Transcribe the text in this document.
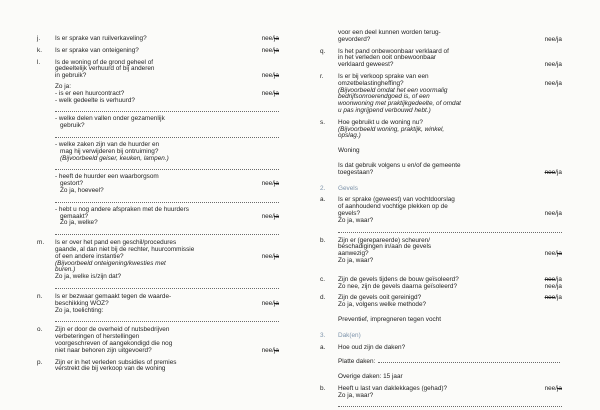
j.	Is er sprake van ruilverkaveling?	nee/ja
k.	Is er sprake van onteigening?	nee/ja
l.	Is de woning of de grond geheel of
gedeeltelijk verhuurd of bij anderen
in gebruik?	nee/ja
Zo ja:
- is er een huurcontract?	nee/ja
- welk gedeelte is verhuurd?
- welke delen vallen onder gezamenlijk
gebruik?
- welke zaken zijn van de huurder en
mag hij verwijderen bij ontruiming?
(Bijvoorbeeld geiser, keuken, lampen.)
- heeft de huurder een waarborgsom
gestort?	nee/ja
Zo ja, hoeveel?
- hebt u nog andere afspraken met de huurders
gemaakt?	nee/ja
Zo ja, welke?
m.	Is er over het pand een geschil/procedures
gaande, al dan niet bij de rechter, huurcommissie
of een andere instantie?	nee/ja
(Bijvoorbeeld onteigening/kwesties met
buren.)
Zo ja, welke is/zijn dat?
n.	Is er bezwaar gemaakt tegen de waarde-
beschikking WOZ?	nee/ja
Zo ja, toelichting:
o.	Zijn er door de overheid of nutsbedrijven
verbeteringen of herstellingen
voorgeschreven of aangekondigd die nog
niet naar behoren zijn uitgevoerd?	nee/ja
p.	Zijn er in het verleden subsidies of premies
verstrekt die bij verkoop van de woning
voor een deel kunnen worden terug-
gevorderd?	nee/ja
q.	Is het pand onbewoonbaar verklaard of
in het verleden ooit onbewoonbaar
verklaard geweest?	nee/ja
r.	Is er bij verkoop sprake van een
omzetbelastingheffing?	nee/ja
(Bijvoorbeeld omdat het een voormalig
bedrijfsonroerendgoed is, of een
woonwoning met praktijkgedeelte, of omdat
u pas ingrijpend verbouwd hebt.)
s.	Hoe gebruikt u de woning nu?
(Bijvoorbeeld woning, praktijk, winkel,
opslag.)
Woning
Is dat gebruik volgens u en/of de gemeente
toegestaan?	nee/ja
2.	Gevels
a.	Is er sprake (geweest) van vochtdoorslag
of aanhoudend vochtige plekken op de
gevels?	nee/ja
Zo ja, waar?
b.	Zijn er (gerepareerde) scheuren/
beschadigingen in/aan de gevels
aanwezig?	nee/ja
Zo ja, waar?
c.	Zijn de gevels tijdens de bouw geïsoleerd?	nee/ja
Zo nee, zijn de gevels daarna geïsoleerd?	nee/ja
d.	Zijn de gevels ooit gereinigd?	nee/ja
Zo ja, volgens welke methode?
Preventief, impregneren tegen vocht
3.	Dak(en)
a.	Hoe oud zijn de daken?
Platte daken:
Overige daken: 15 jaar
b.	Heeft u last van daklekkages (gehad)?	nee/ja
Zo ja, waar?
